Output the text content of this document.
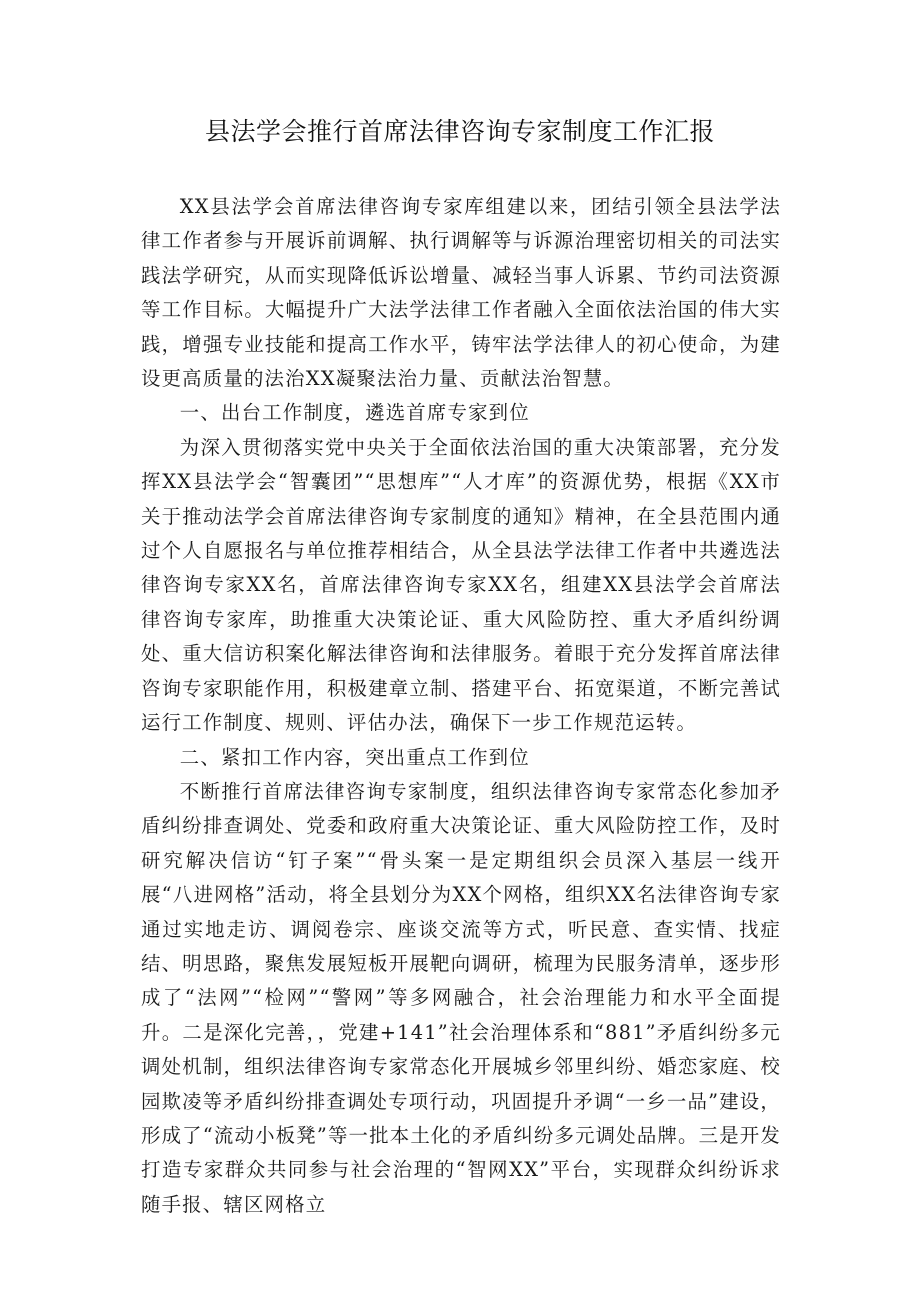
县法学会推行首席法律咨询专家制度工作汇报

XX县法学会首席法律咨询专家库组建以来，团结引领全县法学法律工作者参与开展诉前调解、执行调解等与诉源治理密切相关的司法实践法学研究，从而实现降低诉讼增量、减轻当事人诉累、节约司法资源等工作目标。大幅提升广大法学法律工作者融入全面依法治国的伟大实践，增强专业技能和提高工作水平，铸牢法学法律人的初心使命，为建设更高质量的法治XX凝聚法治力量、贡献法治智慧。

一、出台工作制度，遴选首席专家到位

为深入贯彻落实党中央关于全面依法治国的重大决策部署，充分发挥XX县法学会“智囊团”“思想库”“人才库”的资源优势，根据《XX市关于推动法学会首席法律咨询专家制度的通知》精神，在全县范围内通过个人自愿报名与单位推荐相结合，从全县法学法律工作者中共遴选法律咨询专家XX名，首席法律咨询专家XX名，组建XX县法学会首席法律咨询专家库，助推重大决策论证、重大风险防控、重大矛盾纠纷调处、重大信访积案化解法律咨询和法律服务。着眼于充分发挥首席法律咨询专家职能作用，积极建章立制、搭建平台、拓宽渠道，不断完善试运行工作制度、规则、评估办法，确保下一步工作规范运转。

二、紧扣工作内容，突出重点工作到位

不断推行首席法律咨询专家制度，组织法律咨询专家常态化参加矛盾纠纷排查调处、党委和政府重大决策论证、重大风险防控工作，及时研究解决信访“钉子案”“骨头案一是定期组织会员深入基层一线开展“八进网格”活动，将全县划分为XX个网格，组织XX名法律咨询专家通过实地走访、调阅卷宗、座谈交流等方式，听民意、查实情、找症结、明思路，聚焦发展短板开展靶向调研，梳理为民服务清单，逐步形成了“法网”“检网”“警网”等多网融合，社会治理能力和水平全面提升。二是深化完善，，党建+141”社会治理体系和“881”矛盾纠纷多元调处机制，组织法律咨询专家常态化开展城乡邻里纠纷、婚恋家庭、校园欺凌等矛盾纠纷排查调处专项行动，巩固提升矛调“一乡一品”建设，形成了“流动小板凳”等一批本土化的矛盾纠纷多元调处品牌。三是开发打造专家群众共同参与社会治理的“智网XX”平台，实现群众纠纷诉求随手报、辖区网格立
